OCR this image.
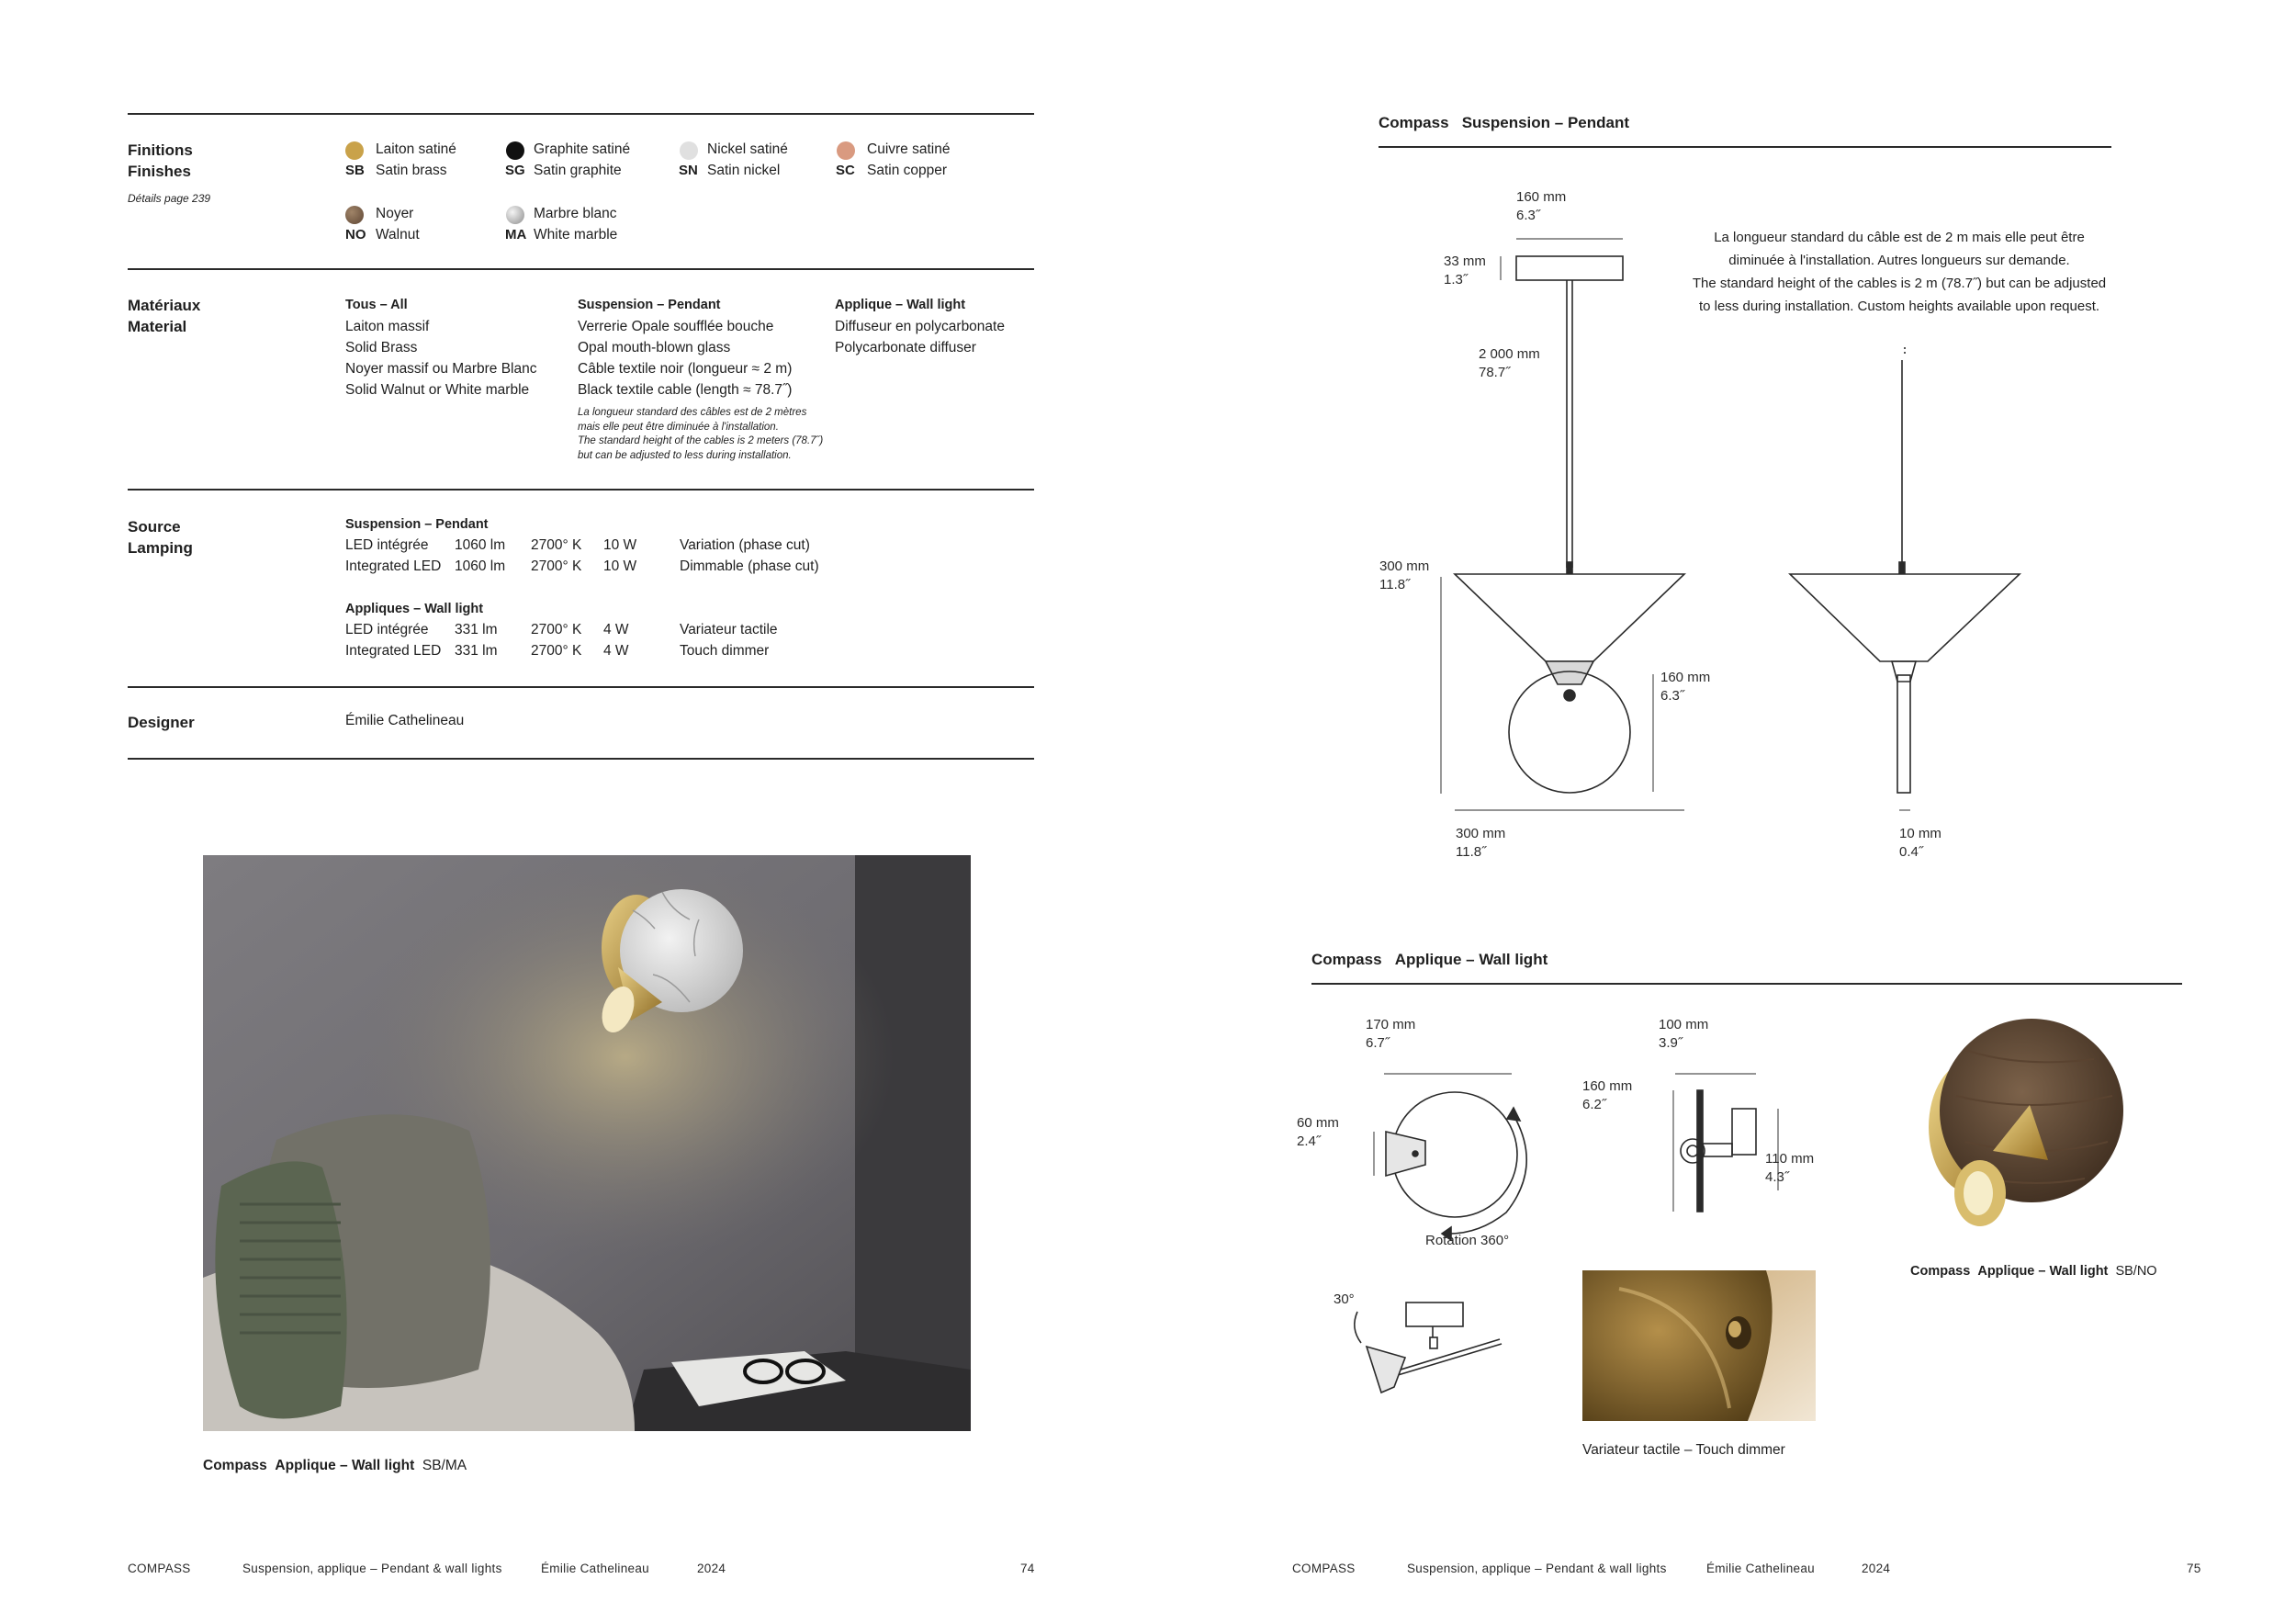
Finitions
Finishes
Détails page 239
Laiton satiné
SB Satin brass
Graphite satiné
SG Satin graphite
Nickel satiné
SN Satin nickel
Cuivre satiné
SC Satin copper
Noyer
NO Walnut
Marbre blanc
MA White marble
Matériaux
Material
Tous – All
Laiton massif
Solid Brass
Noyer massif ou Marbre Blanc
Solid Walnut or White marble
Suspension – Pendant
Verrerie Opale soufflée bouche
Opal mouth-blown glass
Câble textile noir (longueur ≈ 2 m)
Black textile cable (length ≈ 78.7˝)
La longueur standard des câbles est de 2 mètres
mais elle peut être diminuée à l'installation.
The standard height of the cables is 2 meters (78.7˝)
but can be adjusted to less during installation.
Applique – Wall light
Diffuseur en polycarbonate
Polycarbonate diffuser
Source
Lamping
Suspension – Pendant
LED intégrée 1060 lm 2700° K 10 W	Variation (phase cut)
Integrated LED 1060 lm 2700° K 10 W	Dimmable (phase cut)
Appliques – Wall light
LED intégrée 331 lm 2700° K 4 W	Variateur tactile
Integrated LED 331 lm 2700° K 4 W	Touch dimmer
Designer	Émilie Cathelineau
Compass Applique – Wall light SB/MA
COMPASS	Suspension, applique – Pendant & wall lights	Émilie Cathelineau	2024	74
Compass Suspension – Pendant
160 mm
6.3˝
33 mm
1.3˝
2 000 mm
78.7˝
300 mm
11.8˝
160 mm
6.3˝
300 mm
11.8˝
10 mm
0.4˝
La longueur standard du câble est de 2 m mais elle peut être
diminuée à l'installation. Autres longueurs sur demande.
The standard height of the cables is 2 m (78.7˝) but can be adjusted
to less during installation. Custom heights available upon request.
Compass Applique – Wall light
170 mm
6.7˝
60 mm
2.4˝
100 mm
3.9˝
160 mm
6.2˝
110 mm
4.3˝
Rotation 360°
30°
Variateur tactile – Touch dimmer
Compass Applique – Wall light SB/NO
COMPASS	Suspension, applique – Pendant & wall lights	Émilie Cathelineau	2024	75
